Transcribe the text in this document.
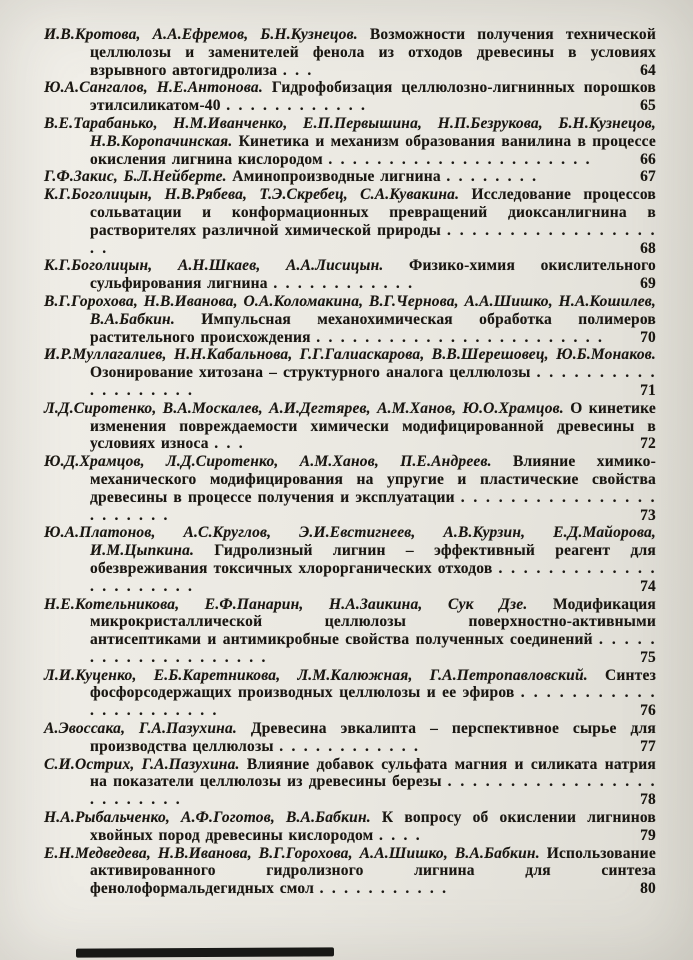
И.В.Кротова, А.А.Ефремов, Б.Н.Кузнецов. Возможности получения технической целлюлозы и заменителей фенола из отходов древесины в условиях взрывного автогидролиза . . .	64
Ю.А.Сангалов, Н.Е.Антонова. Гидрофобизация целлюлозно-лигнинных порошков этилсиликатом-40 . . . . . . . . . . . .	65
В.Е.Тарабанько, Н.М.Иванченко, Е.П.Первышина, Н.П.Безрукова, Б.Н.Кузнецов, Н.В.Коропачинская. Кинетика и механизм образования ванилина в процессе окисления лигнина кислородом . . . . . . . . . . . . . . . . . . . . . .	66
Г.Ф.Закис, Б.Л.Нейберте. Аминопроизводные лигнина . . . . . . . .	67
К.Г.Боголицын, Н.В.Рябева, Т.Э.Скребец, С.А.Кувакина. Исследование процессов сольватации и конформационных превращений диоксанлигнина в растворителях различной химической природы . . . . . . . . . . . . . . . . . . .	68
К.Г.Боголицын, А.Н.Шкаев, А.А.Лисицын. Физико-химия окислительного сульфирования лигнина . . . . . . . . . . . .	69
В.Г.Горохова, Н.В.Иванова, О.А.Коломакина, В.Г.Чернова, А.А.Шишко, Н.А.Кошилев, В.А.Бабкин. Импульсная механохимическая обработка полимеров растительного происхождения . . . . . . . . . . . . . . . . . . . . . . . . 70
И.Р.Муллагалиев, Н.Н.Кабальнова, Г.Г.Галиаскарова, В.В.Шерешовец, Ю.Б.Монаков. Озонирование хитозана – структурного аналога целлюлозы . . . . . . . . . . . . . . . . . . .	71
Л.Д.Сиротенко, В.А.Москалев, А.И.Дегтярев, А.М.Ханов, Ю.О.Храмцов. О кинетике изменения повреждаемости химически модифицированной древесины в условиях износа . . .	72
Ю.Д.Храмцов, Л.Д.Сиротенко, А.М.Ханов, П.Е.Андреев. Влияние химико-механического модифицирования на упругие и пластические свойства древесины в процессе получения и эксплуатации . . . . . . . . . . . . . . . . . . . . . . .	73
Ю.А.Платонов, А.С.Круглов, Э.И.Евстигнеев, А.В.Курзин, Е.Д.Майорова, И.М.Цыпкина. Гидролизный лигнин – эффективный реагент для обезвреживания токсичных хлорорганических отходов . . . . . . . . . . . . . . . . . . . . . .	74
Н.Е.Котельникова, Е.Ф.Панарин, Н.А.Заикина, Сук Дзе. Модификация микрокристаллической целлюлозы поверхностно-активными антисептиками и антимикробные свойства полученных соединений . . . . . . . . . . . . . . . . . . . .	75
Л.И.Куценко, Е.Б.Каретникова, Л.М.Калюжная, Г.А.Петропавловский. Синтез фосфорсодержащих производных целлюлозы и ее эфиров . . . . . . . . . . . . . . . . . . . . . .	76
А.Эвоссака, Г.А.Пазухина. Древесина эвкалипта – перспективное сырье для производства целлюлозы . . . . . . . . . . . .	77
С.И.Острих, Г.А.Пазухина. Влияние добавок сульфата магния и силиката натрия на показатели целлюлозы из древесины березы . . . . . . . . . . . . . . . . . . . . . . . . .	78
Н.А.Рыбальченко, А.Ф.Гоготов, В.А.Бабкин. К вопросу об окислении лигнинов хвойных пород древесины кислородом . . . .	79
Е.Н.Медведева, Н.В.Иванова, В.Г.Горохова, А.А.Шишко, В.А.Бабкин. Использование активированного гидролизного лигнина для синтеза фенолоформальдегидных смол . . . . . . . . . . .	80
